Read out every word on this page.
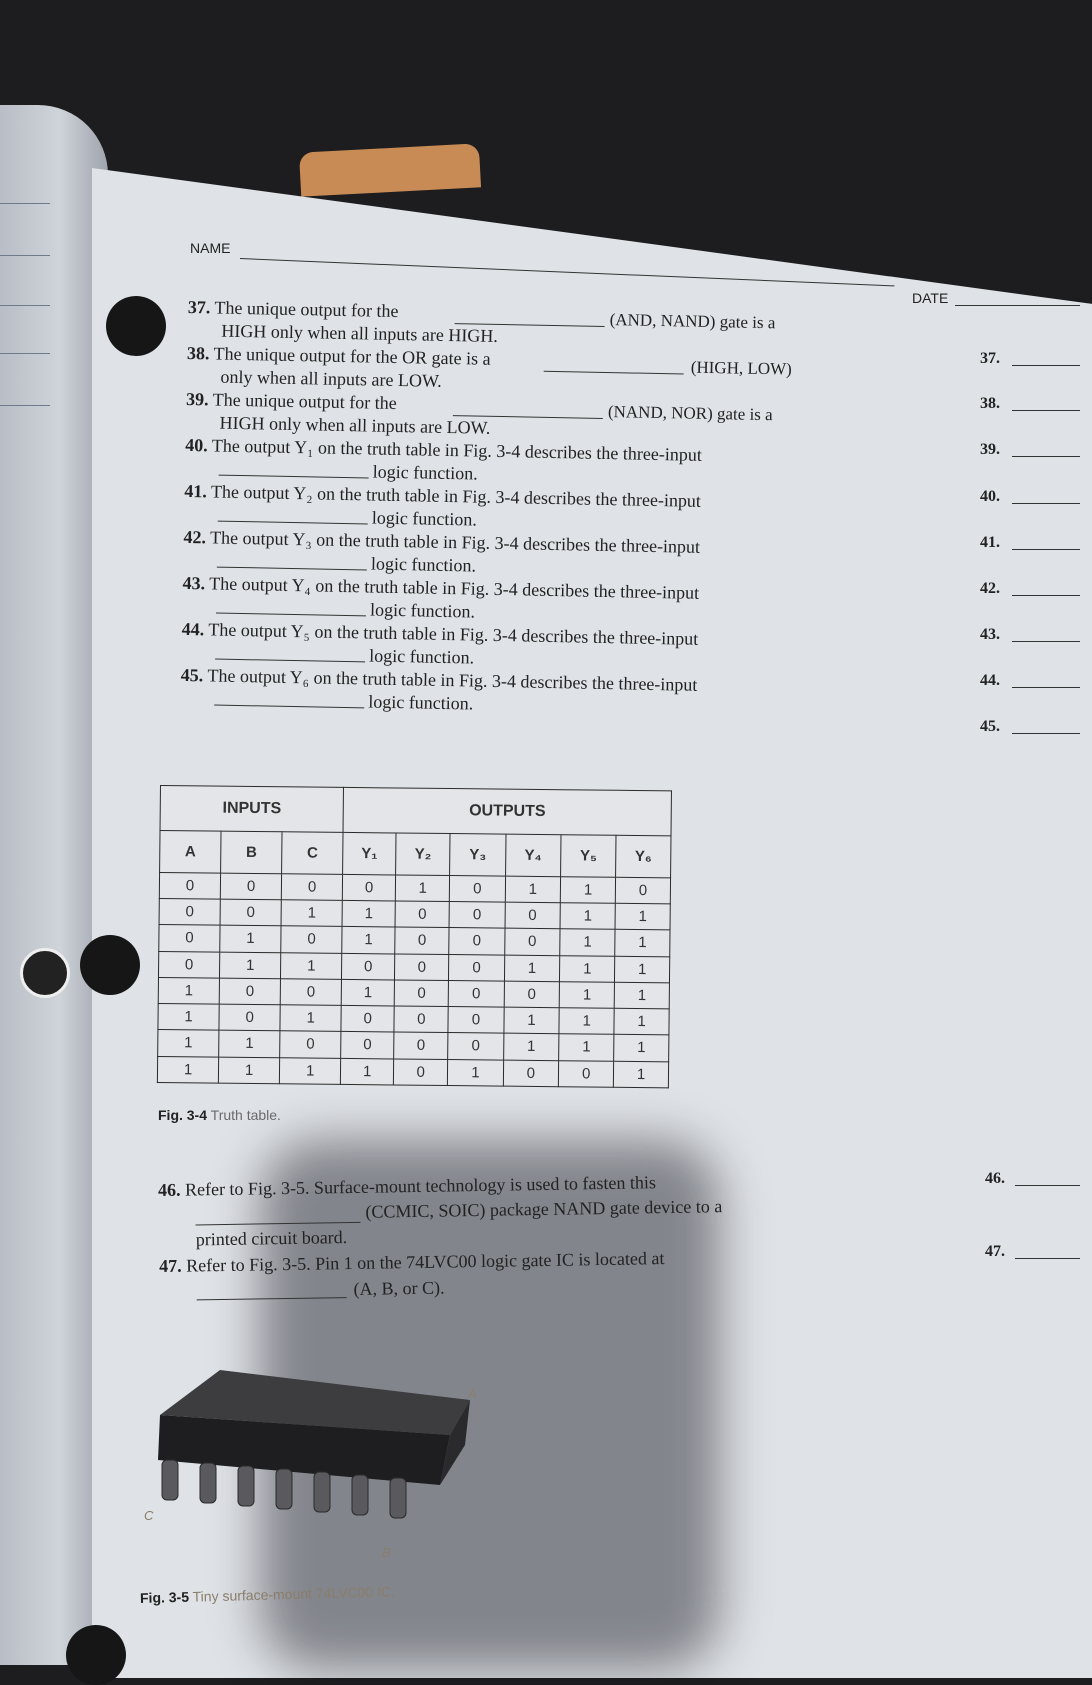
NAME
DATE
37.
38.
39.
40.
41.
42.
43.
44.
45.
46.
47.
37. The unique output for the
(AND, NAND) gate is a
HIGH only when all inputs are HIGH.
38. The unique output for the OR gate is a	(HIGH, LOW)
only when all inputs are LOW.
39. The unique output for the
(NAND, NOR) gate is a
HIGH only when all inputs are LOW.
40. The output Y₁ on the truth table in Fig. 3-4 describes the three-input
logic function.
41. The output Y₂ on the truth table in Fig. 3-4 describes the three-input
logic function.
42. The output Y₃ on the truth table in Fig. 3-4 describes the three-input
logic function.
43. The output Y₄ on the truth table in Fig. 3-4 describes the three-input
logic function.
44. The output Y₅ on the truth table in Fig. 3-4 describes the three-input
logic function.
45. The output Y₆ on the truth table in Fig. 3-4 describes the three-input
logic function.
INPUTS			OUTPUTS					
A	B	C	Y₁	Y₂	Y₃	Y₄	Y₅	Y₆
0	0	0	0	1	0	1	1	0
0	0	1	1	0	0	0	1	1
0	1	0	1	0	0	0	1	1
0	1	1	0	0	0	1	1	1
1	0	0	1	0	0	0	1	1
1	0	1	0	0	0	1	1	1
1	1	0	0	0	0	1	1	1
1	1	1	1	0	1	0	0	1
Fig. 3-4 Truth table.
46. Refer to Fig. 3-5. Surface-mount technology is used to fasten this
(CCMIC, SOIC) package NAND gate device to a
printed circuit board.
47. Refer to Fig. 3-5. Pin 1 on the 74LVC00 logic gate IC is located at
(A, B, or C).
A
B
C
Fig. 3-5 Tiny surface-mount 74LVC00 IC.
